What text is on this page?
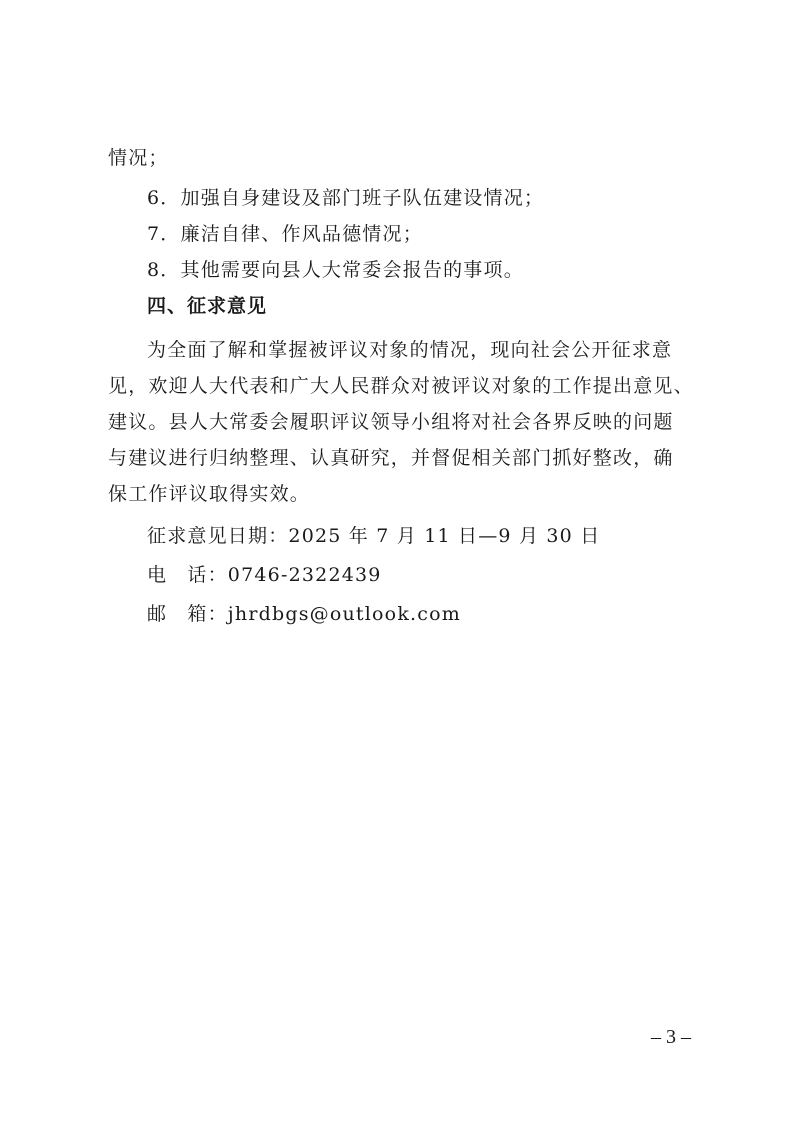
情况；
6．加强自身建设及部门班子队伍建设情况；
7．廉洁自律、作风品德情况；
8．其他需要向县人大常委会报告的事项。
四、征求意见
为全面了解和掌握被评议对象的情况，现向社会公开征求意
见，欢迎人大代表和广大人民群众对被评议对象的工作提出意见、
建议。县人大常委会履职评议领导小组将对社会各界反映的问题
与建议进行归纳整理、认真研究，并督促相关部门抓好整改，确
保工作评议取得实效。
征求意见日期：2025 年 7 月 11 日—9 月 30 日
电　话：0746-2322439
邮　箱：jhrdbgs@outlook.com
– 3 –
